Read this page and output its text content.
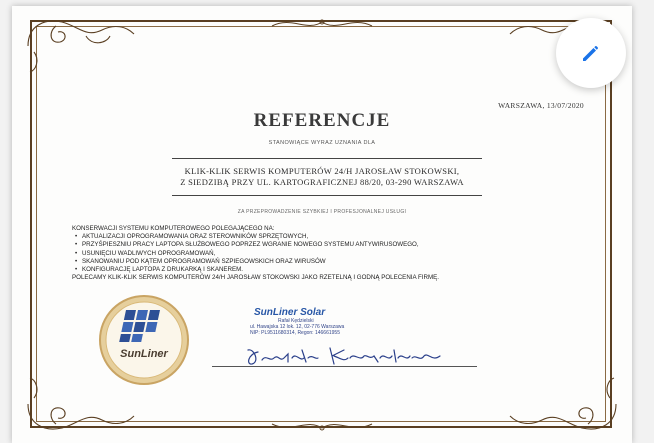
WARSZAWA, 13/07/2020
REFERENCJE
STANOWIĄCE WYRAZ UZNANIA DLA
KLIK-KLIK SERWIS KOMPUTERÓW 24/H JAROSŁAW STOKOWSKI,
Z SIEDZIBĄ PRZY UL. KARTOGRAFICZNEJ 88/20, 03-290 WARSZAWA
ZA PRZEPROWADZENIE SZYBKIEJ I PROFESJONALNEJ USŁUGI
KONSERWACJI SYSTEMU KOMPUTEROWEGO POLEGAJĄCEGO NA:
• AKTUALIZACJI OPROGRAMOWANIA ORAZ STEROWNIKÓW SPRZĘTOWYCH,
• PRZYŚPIESZNIU PRACY LAPTOPA SŁUŻBOWEGO POPRZEZ WGRANIE NOWEGO SYSTEMU ANTYWIRUSOWEGO,
• USUNIĘCIU WADLIWYCH OPROGRAMOWAŃ,
• SKANOWANIU POD KĄTEM OPROGRAMOWAŃ SZPIEGOWSKICH ORAZ WIRUSÓW
• KONFIGURACJĘ LAPTOPA Z DRUKARKĄ I SKANEREM.
POLECAMY KLIK-KLIK SERWIS KOMPUTERÓW 24/H JAROSŁAW STOKOWSKI JAKO RZETELNĄ I GODNĄ POLECENIA FIRMĘ.
SunLiner
SunLiner Solar
Rafał Kędzielski
ul. Hawajska 12 lok. 12, 02-776 Warszawa
NIP: PL9511680314, Regon: 146661955
